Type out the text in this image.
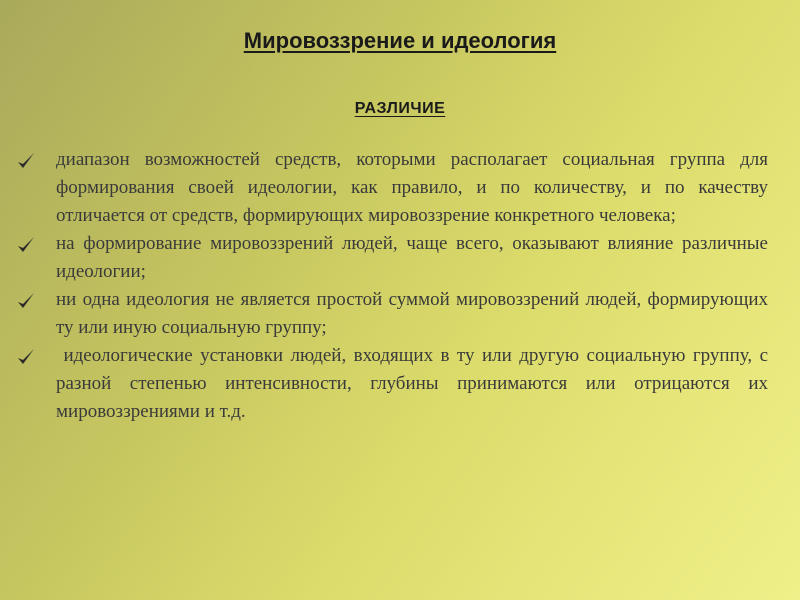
Мировоззрение и идеология
РАЗЛИЧИЕ
диапазон возможностей средств, которыми располагает социальная группа для формирования своей идеологии, как правило, и по количеству, и по качеству отличается от средств, формирующих мировоззрение конкретного человека;
на формирование мировоззрений людей, чаще всего, оказывают влияние различные идеологии;
ни одна идеология не является простой суммой мировоззрений людей, формирующих ту или иную социальную группу;
идеологические установки людей, входящих в ту или другую социальную группу, с разной степенью интенсивности, глубины принимаются или отрицаются их мировоззрениями и т.д.
